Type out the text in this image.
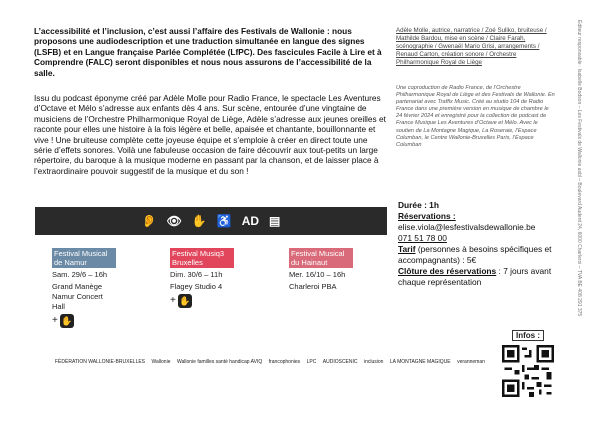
L’accessibilité et l’inclusion, c’est aussi l’affaire des Festivals de Wallonie : nous proposons une audiodescription et une traduction simultanée en langue des signes (LSFB) et en Langue française Parlée Complétée (LfPC). Des fascicules Facile à Lire et à Comprendre (FALC) seront disponibles et nous nous assurons de l’accessibilité de la salle.
Issu du podcast éponyme créé par Adèle Molle pour Radio France, le spectacle Les Aventures d’Octave et Mélo s’adresse aux enfants dès 4 ans. Sur scène, entourée d’une vingtaine de musiciens de l’Orchestre Philharmonique Royal de Liège, Adèle s’adresse aux jeunes oreilles et raconte pour elles une histoire à la fois légère et belle, apaisée et chantante, bouillonnante et vive ! Une bruiteuse complète cette joyeuse équipe et s’emploie à créer en direct toute une série d’effets sonores. Voilà une fabuleuse occasion de faire découvrir aux tout-petits un large répertoire, du baroque à la musique moderne en passant par la chanson, et de laisser place à l’extraordinaire pouvoir suggestif de la musique et du son !
Adèle Molle, autrice, narratrice / Zoé Suliko, bruiteuse / Mathilde Bardou, mise en scène / Claire Farah, scénographie / Gwenaël Mario Grisi, arrangements / Renaud Carton, création sonore / Orchestre Philharmonique Royal de Liège
Une coproduction de Radio France, de l’Orchestre Philharmonique Royal de Liège et des Festivals de Wallonie. En partenariat avec Traffix Music. Créé au studio 104 de Radio France dans une première version en musique de chambre le 24 février 2024 et enregistré pour la collection de podcast de France Musique Les Aventures d’Octave et Mélo. Avec le soutien de La Montagne Magique, La Roseraie, l’Espace Columban, le Centre Wallonie-Bruxelles Paris, l’Espace Columban
👂 👁 ✋ ♿ AD ▤
Festival Musical de Namur
Sam. 29/6 – 16h
Grand Manège Namur Concert Hall
+ ✋
Festival Musiq3 Bruxelles
Dim. 30/6 – 11h
Flagey Studio 4
+ ✋
Festival Musical du Hainaut
Mer. 16/10 – 16h
Charleroi PBA
Durée : 1h
Réservations :
elise.viola@lesfestivalsdewallonie.be
071 51 78 00
Tarif (personnes à besoins spécifiques et accompagnants) : 5€
Clôture des réservations : 7 jours avant chaque représentation	Éditeur responsable : Isabelle Bodson – Les Festivals de Wallonie asbl – Boulevard Audent 24, 6000 Charleroi – TVA BE 408 291 375
Infos :
FÉDÉRATION WALLONIE-BRUXELLES Wallonie Wallonie familles santé handicap AVIQ francophonies LPC AUDIOSCENIC inclusion LA MONTAGNE MAGIQUE veranneman
